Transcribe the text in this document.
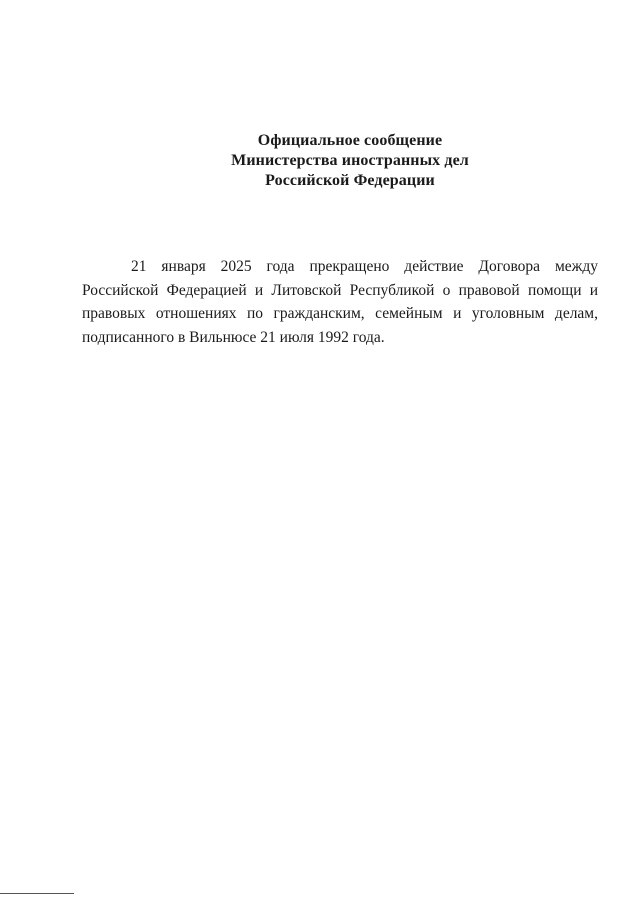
Официальное сообщение
Министерства иностранных дел
Российской Федерации

21 января 2025 года прекращено действие Договора между Российской Федерацией и Литовской Республикой о правовой помощи и правовых отношениях по гражданским, семейным и уголовным делам, подписанного в Вильнюсе 21 июля 1992 года.
